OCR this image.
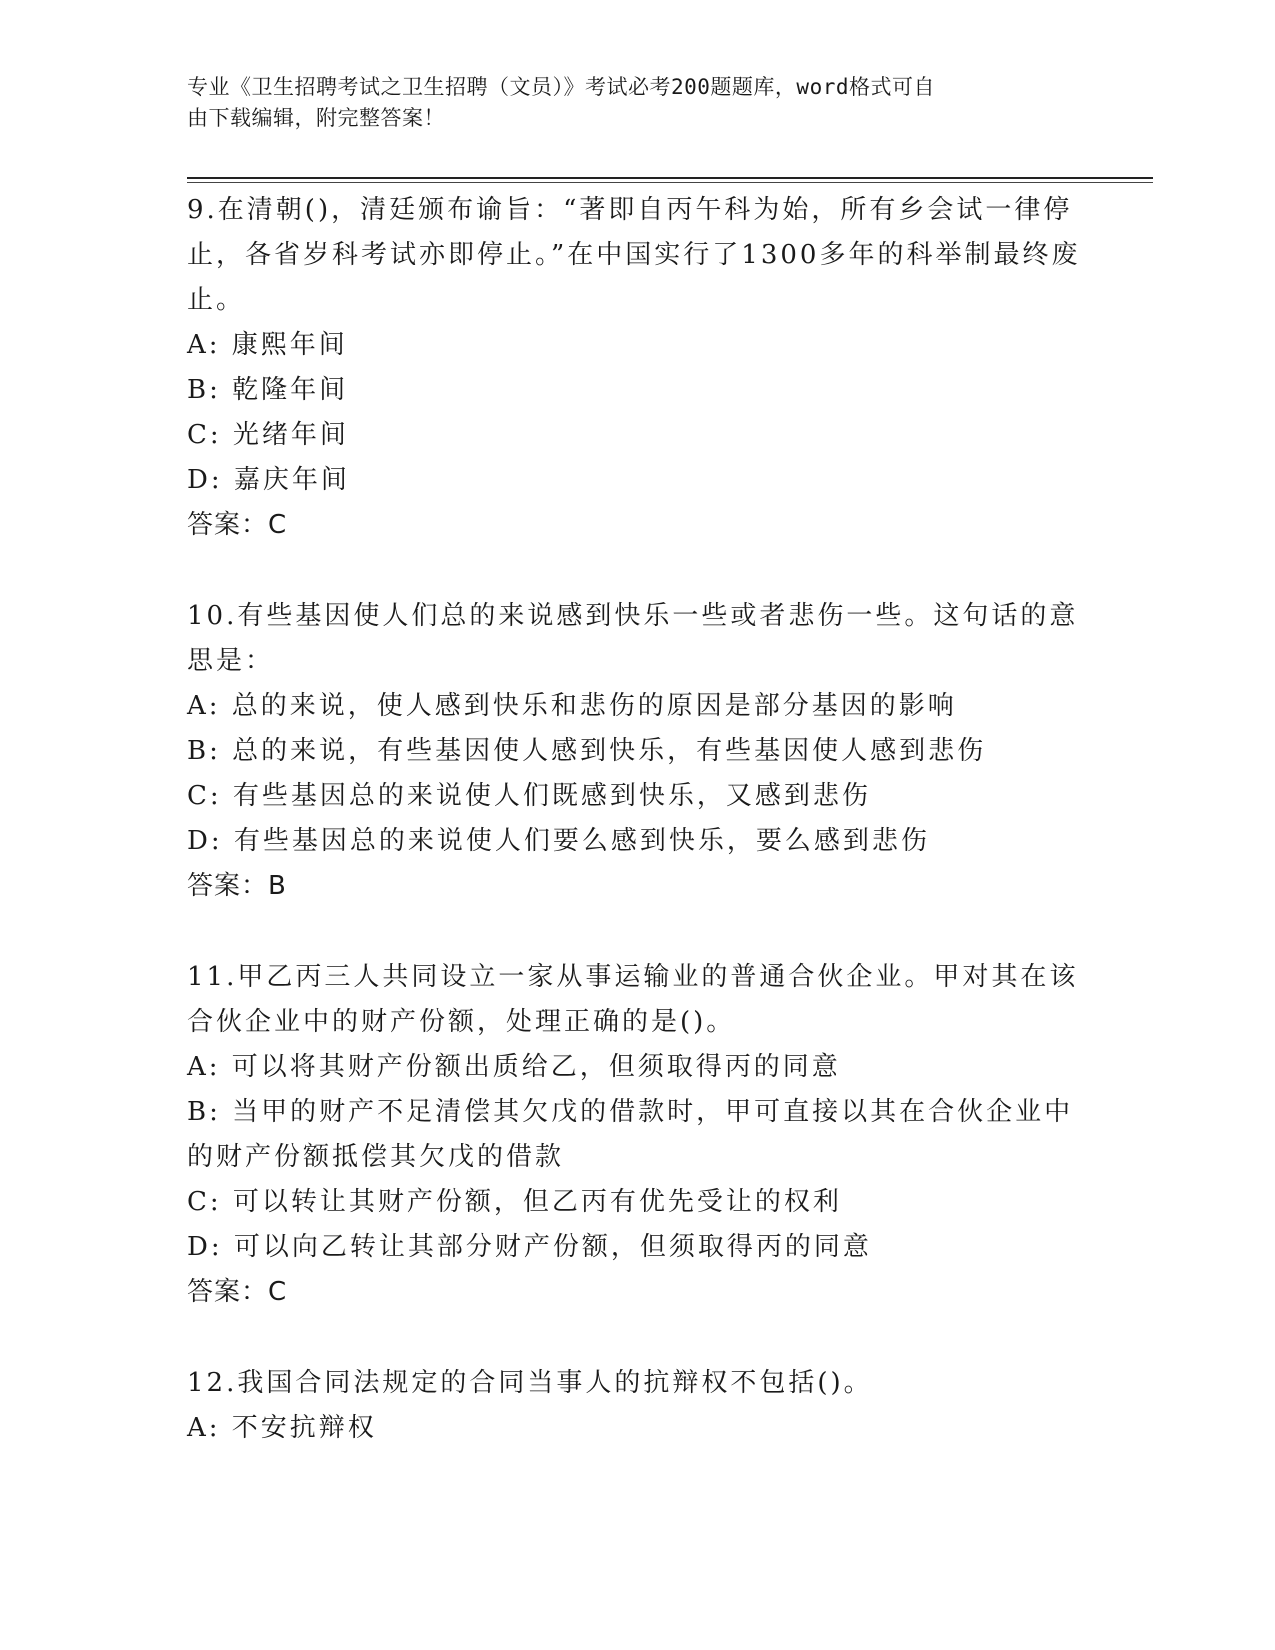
专业《卫生招聘考试之卫生招聘（文员）》考试必考200题题库，word格式可自
由下载编辑，附完整答案！
9.在清朝()，清廷颁布谕旨：“著即自丙午科为始，所有乡会试一律停止，各省岁科考试亦即停止。”在中国实行了1300多年的科举制最终废止。
A: 康熙年间
B: 乾隆年间
C: 光绪年间
D: 嘉庆年间
答案：C
10.有些基因使人们总的来说感到快乐一些或者悲伤一些。这句话的意思是：
A: 总的来说，使人感到快乐和悲伤的原因是部分基因的影响
B: 总的来说，有些基因使人感到快乐，有些基因使人感到悲伤
C: 有些基因总的来说使人们既感到快乐，又感到悲伤
D: 有些基因总的来说使人们要么感到快乐，要么感到悲伤
答案：B
11.甲乙丙三人共同设立一家从事运输业的普通合伙企业。甲对其在该合伙企业中的财产份额，处理正确的是()。
A: 可以将其财产份额出质给乙，但须取得丙的同意
B: 当甲的财产不足清偿其欠戊的借款时，甲可直接以其在合伙企业中的财产份额抵偿其欠戊的借款
C: 可以转让其财产份额，但乙丙有优先受让的权利
D: 可以向乙转让其部分财产份额，但须取得丙的同意
答案：C
12.我国合同法规定的合同当事人的抗辩权不包括()。
A: 不安抗辩权
